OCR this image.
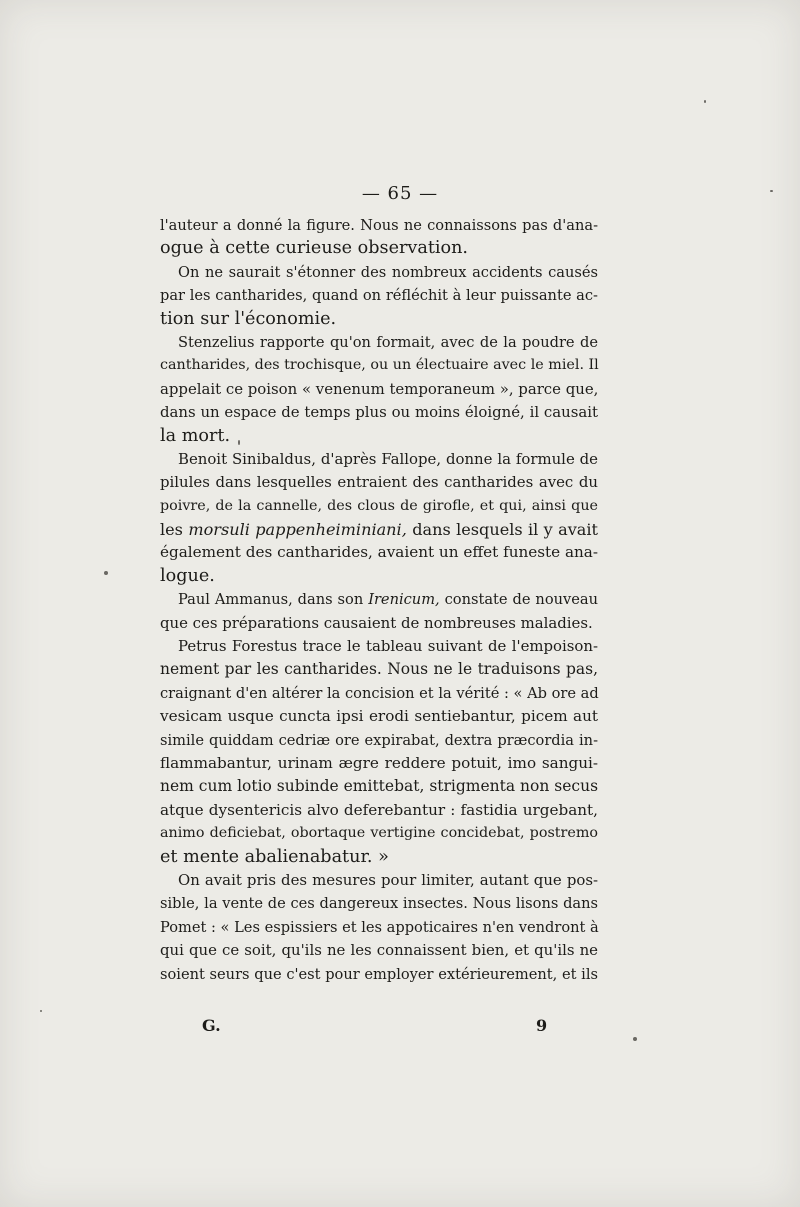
— 65 —
l'auteur a donné la figure. Nous ne connaissons pas d'ana-
ogue à cette curieuse observation.
On ne saurait s'étonner des nombreux accidents causés
par les cantharides, quand on réfléchit à leur puissante ac-
tion sur l'économie.
Stenzelius rapporte qu'on formait, avec de la poudre de
cantharides, des trochisque, ou un électuaire avec le miel. Il
appelait ce poison « venenum temporaneum », parce que,
dans un espace de temps plus ou moins éloigné, il causait
la mort.
Benoit Sinibaldus, d'après Fallope, donne la formule de
pilules dans lesquelles entraient des cantharides avec du
poivre, de la cannelle, des clous de girofle, et qui, ainsi que
les morsuli pappenheiminiani, dans lesquels il y avait
également des cantharides, avaient un effet funeste ana-
logue.
Paul Ammanus, dans son Irenicum, constate de nouveau
que ces préparations causaient de nombreuses maladies.
Petrus Forestus trace le tableau suivant de l'empoison-
nement par les cantharides. Nous ne le traduisons pas,
craignant d'en altérer la concision et la vérité : « Ab ore ad
vesicam usque cuncta ipsi erodi sentiebantur, picem aut
simile quiddam cedriæ ore expirabat, dextra præcordia in-
flammabantur, urinam ægre reddere potuit, imo sangui-
nem cum lotio subinde emittebat, strigmenta non secus
atque dysentericis alvo deferebantur : fastidia urgebant,
animo deficiebat, obortaque vertigine concidebat, postremo
et mente abalienabatur. »
On avait pris des mesures pour limiter, autant que pos-
sible, la vente de ces dangereux insectes. Nous lisons dans
Pomet : « Les espissiers et les appoticaires n'en vendront à
qui que ce soit, qu'ils ne les connaissent bien, et qu'ils ne
soient seurs que c'est pour employer extérieurement, et ils
G.	9
